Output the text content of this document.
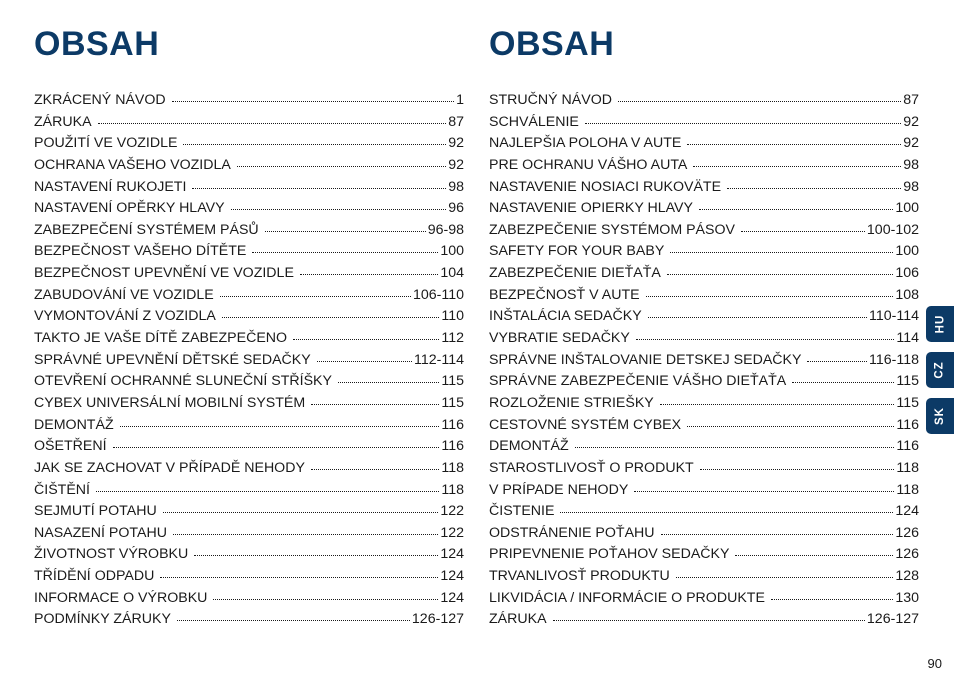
OBSAH
ZKRÁCENÝ NÁVOD	1
ZÁRUKA	87
POUŽITÍ VE VOZIDLE	92
OCHRANA VAŠEHO VOZIDLA	92
NASTAVENÍ RUKOJETI	98
NASTAVENÍ OPĚRKY HLAVY	96
ZABEZPEČENÍ SYSTÉMEM PÁSŮ	96-98
BEZPEČNOST VAŠEHO DÍTĚTE	100
BEZPEČNOST UPEVNĚNÍ VE VOZIDLE	104
ZABUDOVÁNÍ VE VOZIDLE	106-110
VYMONTOVÁNÍ Z VOZIDLA	110
TAKTO JE VAŠE DÍTĚ ZABEZPEČENO	112
SPRÁVNÉ UPEVNĚNÍ DĚTSKÉ SEDAČKY	112-114
OTEVŘENÍ OCHRANNÉ SLUNEČNÍ STŘÍŠKY	115
CYBEX UNIVERSÁLNÍ MOBILNÍ SYSTÉM	115
DEMONTÁŽ	116
OŠETŘENÍ	116
JAK SE ZACHOVAT V PŘÍPADĚ NEHODY	118
ČIŠTĚNÍ	118
SEJMUTÍ POTAHU	122
NASAZENÍ POTAHU	122
ŽIVOTNOST VÝROBKU	124
TŘÍDĚNÍ ODPADU	124
INFORMACE O VÝROBKU	124
PODMÍNKY ZÁRUKY	126-127
OBSAH
STRUČNÝ NÁVOD	87
SCHVÁLENIE	92
NAJLEPŠIA POLOHA V AUTE	92
PRE OCHRANU VÁŠHO AUTA	98
NASTAVENIE NOSIACI RUKOVÄTE	98
NASTAVENIE OPIERKY HLAVY	100
ZABEZPEČENIE SYSTÉMOM PÁSOV	100-102
SAFETY FOR YOUR BABY	100
ZABEZPEČENIE DIEŤAŤA	106
BEZPEČNOSŤ V AUTE	108
INŠTALÁCIA SEDAČKY	110-114
VYBRATIE SEDAČKY	114
SPRÁVNE INŠTALOVANIE DETSKEJ SEDAČKY	116-118
SPRÁVNE ZABEZPEČENIE VÁŠHO DIEŤAŤA	115
ROZLOŽENIE STRIEŠKY	115
CESTOVNÉ SYSTÉM CYBEX	116
DEMONTÁŽ	116
STAROSTLIVOSŤ O PRODUKT	118
V PRÍPADE NEHODY	118
ČISTENIE	124
ODSTRÁNENIE POŤAHU	126
PRIPEVNENIE POŤAHOV SEDAČKY	126
TRVANLIVOSŤ PRODUKTU	128
LIKVIDÁCIA / INFORMÁCIE O PRODUKTE	130
ZÁRUKA	126-127
HU
CZ
SK
90
